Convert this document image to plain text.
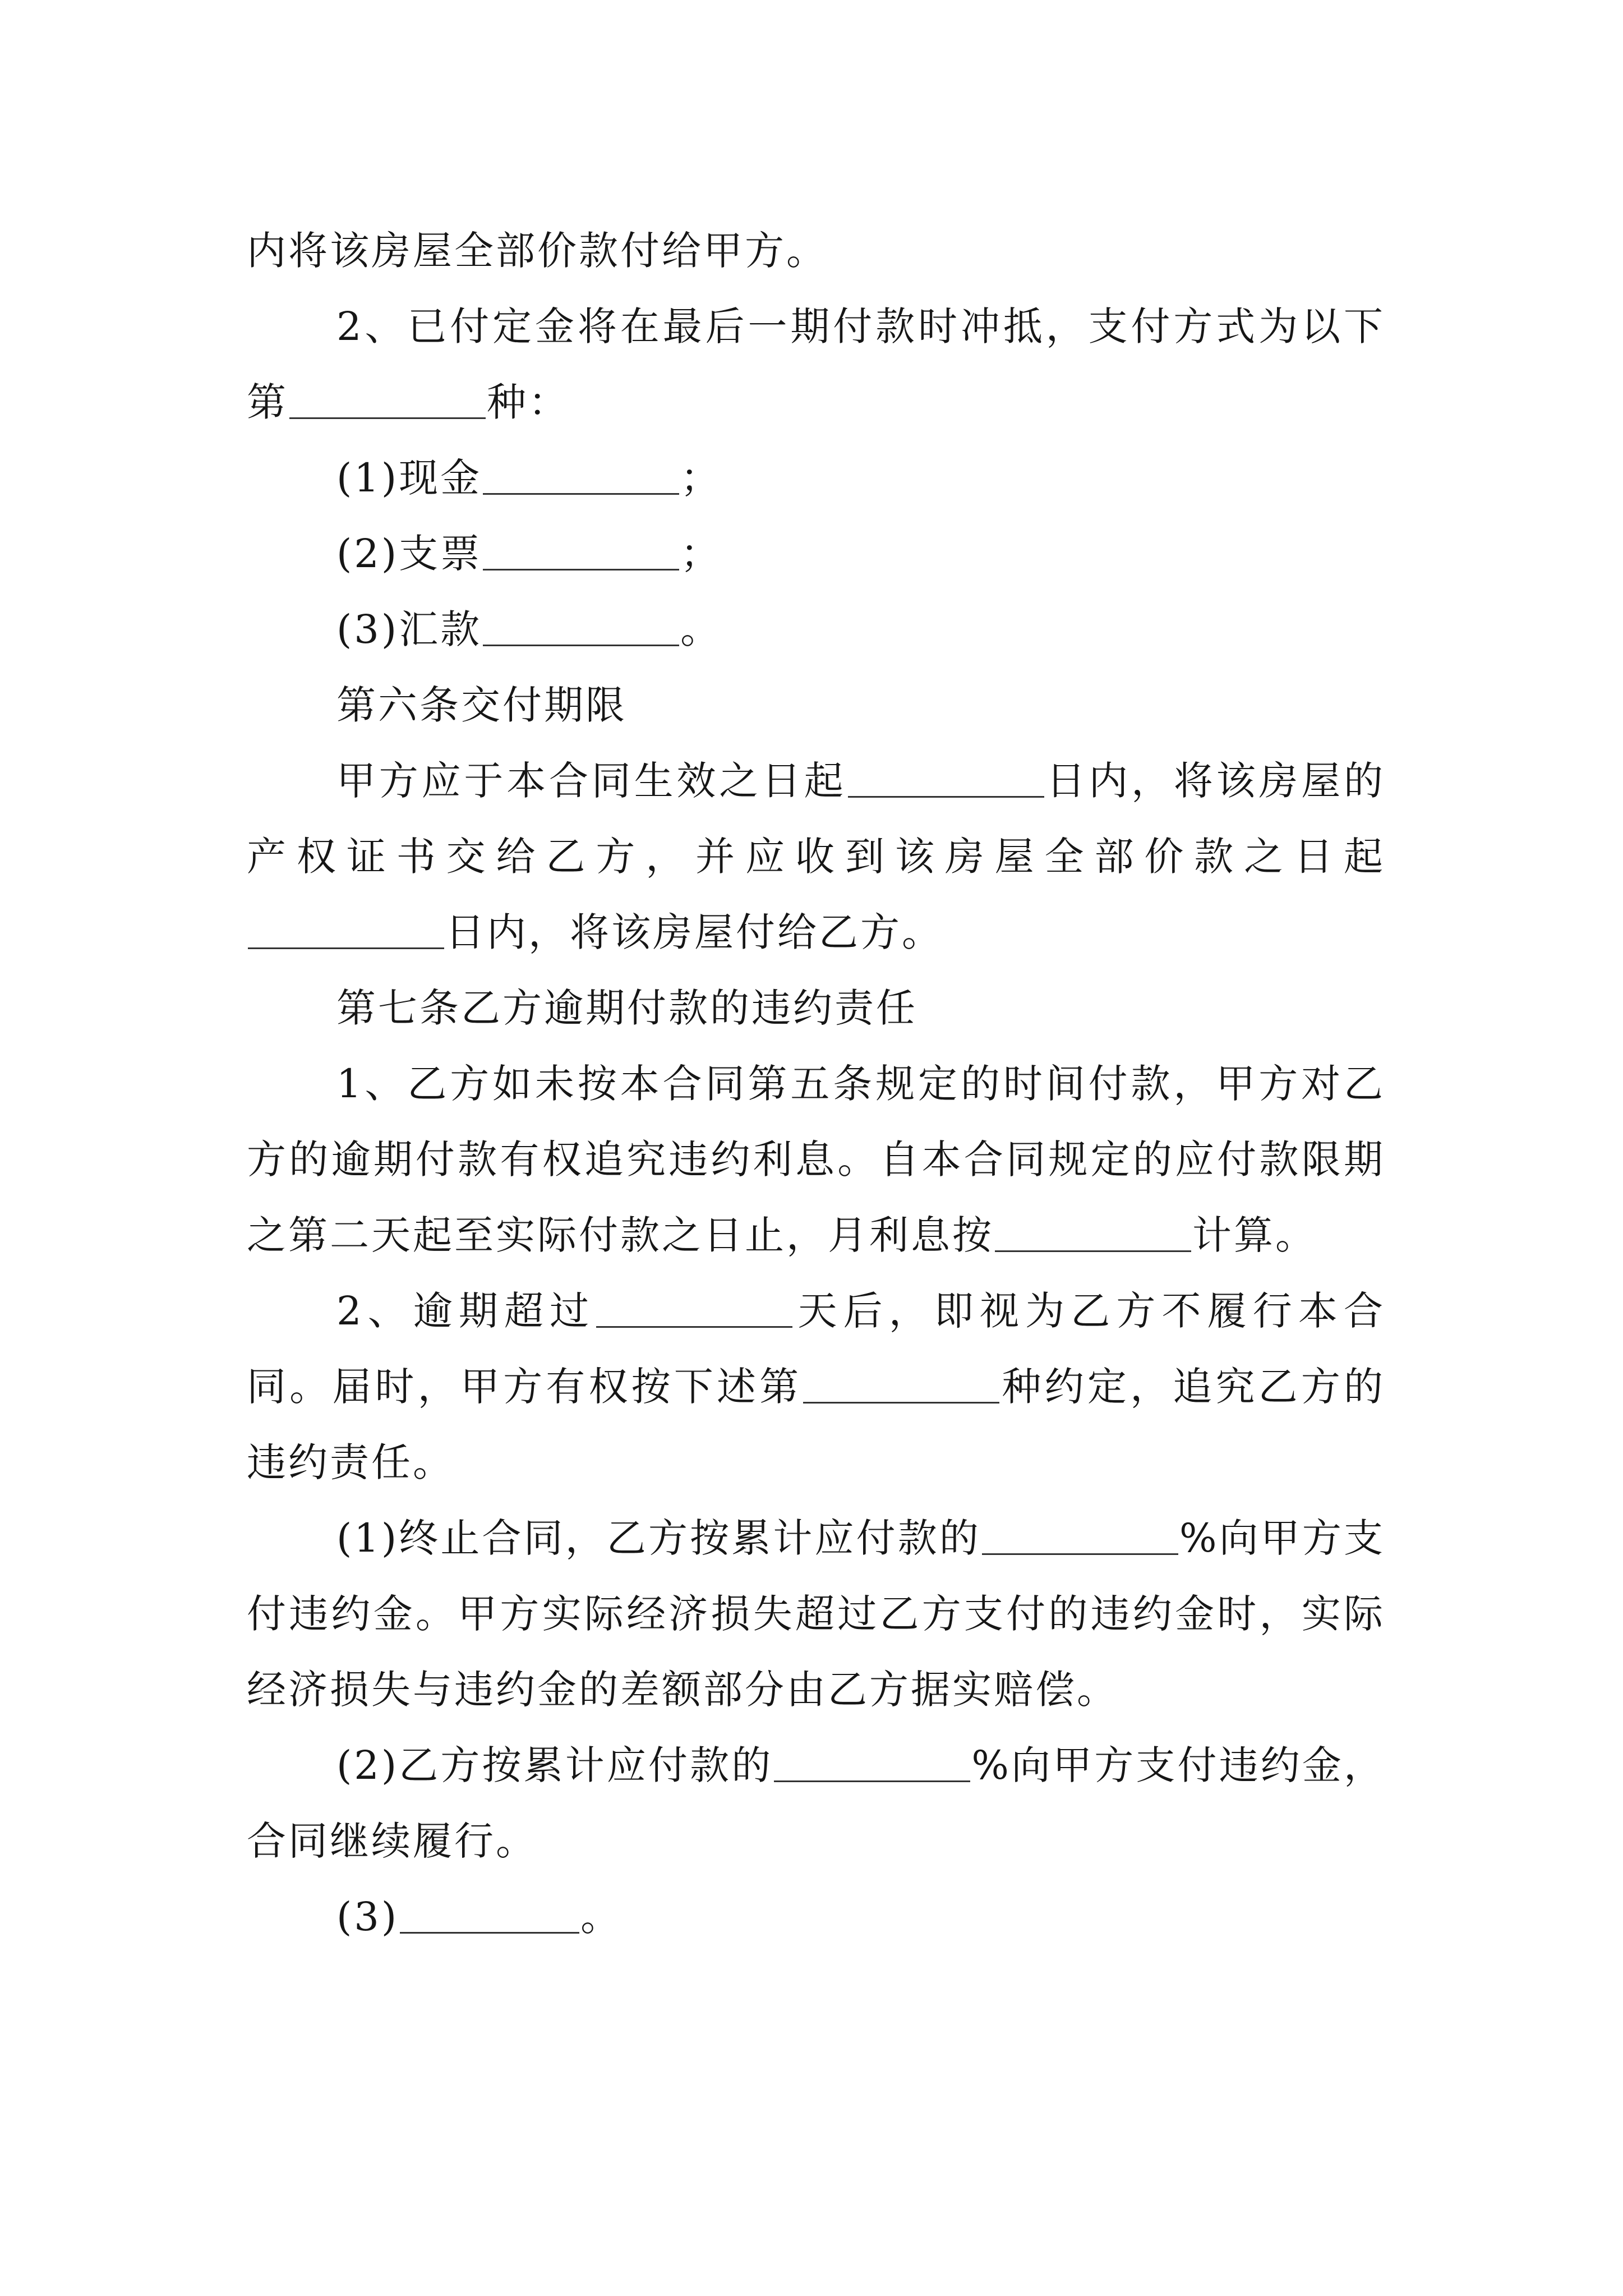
内将该房屋全部价款付给甲方。

2、已付定金将在最后一期付款时冲抵，支付方式为以下第	种：

(1)现金	；

(2)支票	；

(3)汇款	。

第六条交付期限

甲方应于本合同生效之日起	日内，将该房屋的产权证书交给乙方，并应收到该房屋全部价款之日起日内，将该房屋付给乙方。

第七条乙方逾期付款的违约责任

1、乙方如未按本合同第五条规定的时间付款，甲方对乙方的逾期付款有权追究违约利息。自本合同规定的应付款限期之第二天起至实际付款之日止，月利息按	计算。

2、逾期超过	天后，即视为乙方不履行本合同。届时，甲方有权按下述第	种约定，追究乙方的违约责任。

(1)终止合同，乙方按累计应付款的	%向甲方支付违约金。甲方实际经济损失超过乙方支付的违约金时，实际经济损失与违约金的差额部分由乙方据实赔偿。

(2)乙方按累计应付款的	%向甲方支付违约金，合同继续履行。

(3)	。
